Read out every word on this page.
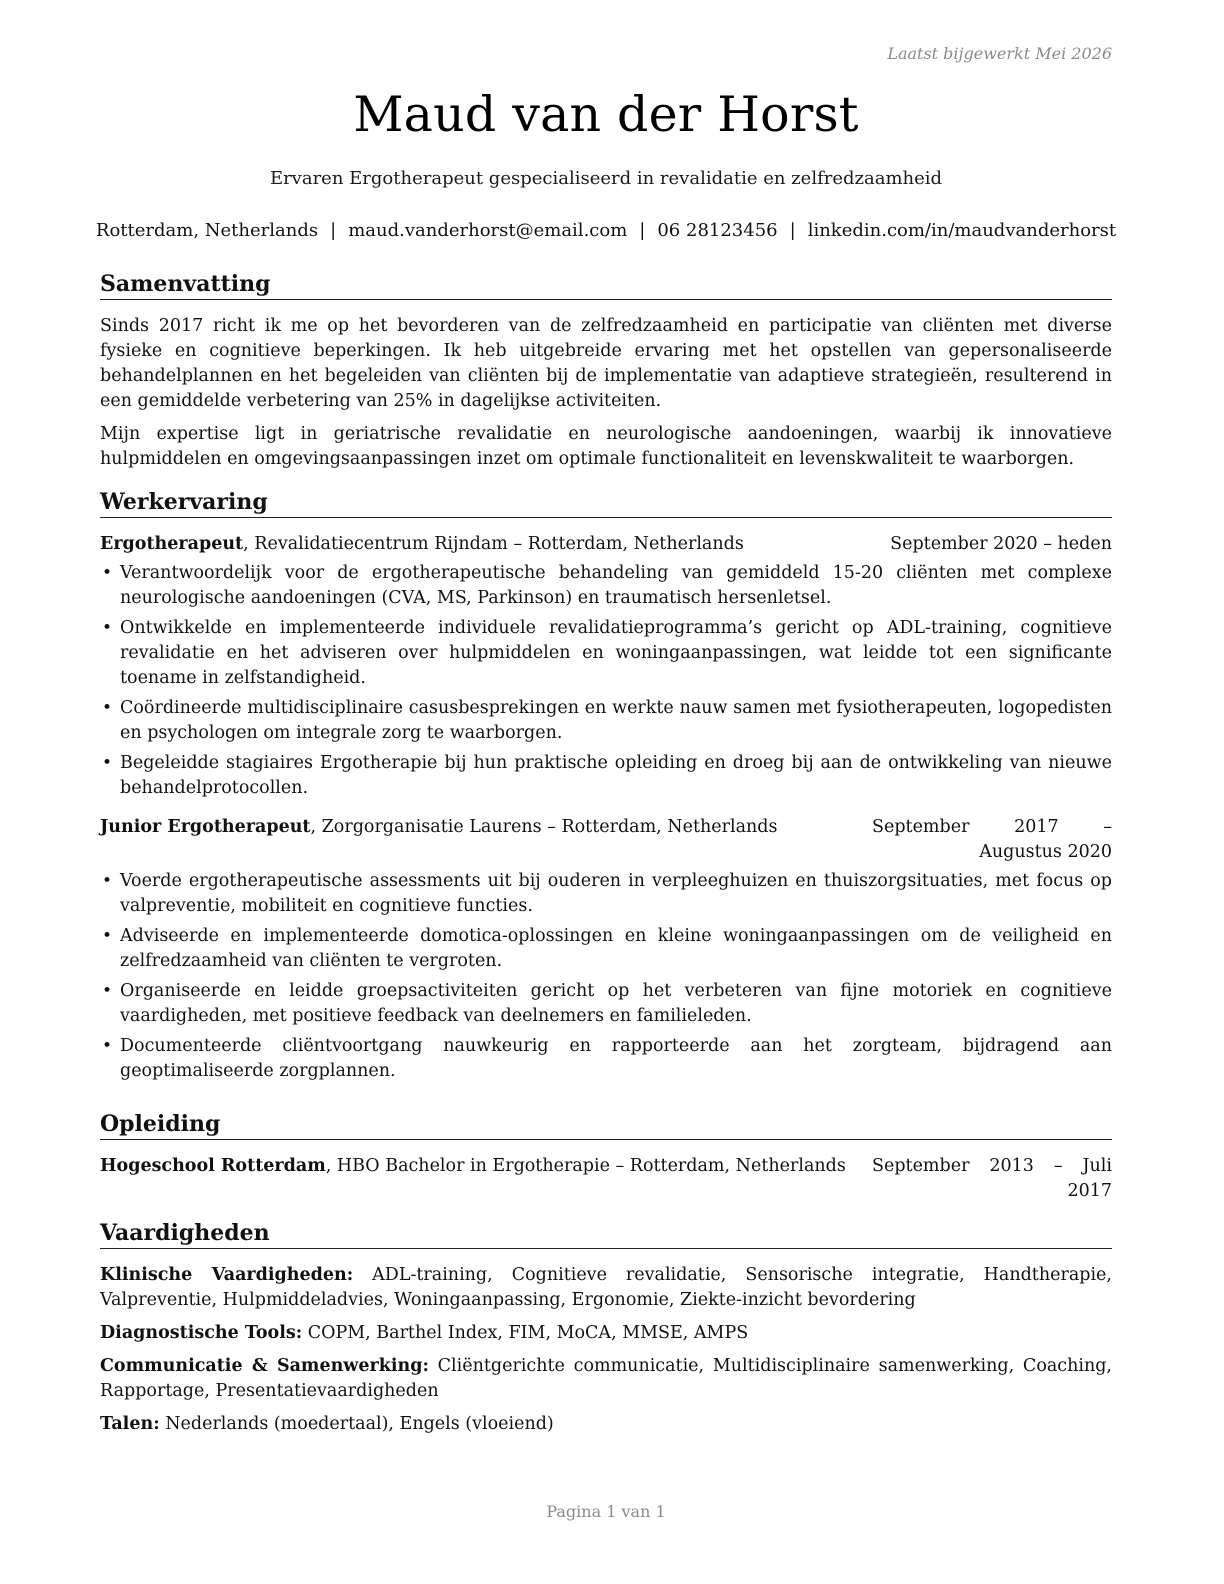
Laatst bijgewerkt Mei 2026
Maud van der Horst
Ervaren Ergotherapeut gespecialiseerd in revalidatie en zelfredzaamheid
Rotterdam, Netherlands | maud.vanderhorst@email.com | 06 28123456 | linkedin.com/in/maudvanderhorst
Samenvatting

Sinds 2017 richt ik me op het bevorderen van de zelfredzaamheid en participatie van cliënten met diverse fysieke en cognitieve beperkingen. Ik heb uitgebreide ervaring met het opstellen van gepersonaliseerde behandelplannen en het begeleiden van cliënten bij de implementatie van adaptieve strategieën, resulterend in een gemiddelde verbetering van 25% in dagelijkse activiteiten.

Mijn expertise ligt in geriatrische revalidatie en neurologische aandoeningen, waarbij ik innovatieve hulpmiddelen en omgevingsaanpassingen inzet om optimale functionaliteit en levenskwaliteit te waarborgen.

Werkervaring
Ergotherapeut, Revalidatiecentrum Rijndam – Rotterdam, Netherlands	September 2020 – heden
• Verantwoordelijk voor de ergotherapeutische behandeling van gemiddeld 15-20 cliënten met complexe neurologische aandoeningen (CVA, MS, Parkinson) en traumatisch hersenletsel.
• Ontwikkelde en implementeerde individuele revalidatieprogramma’s gericht op ADL-training, cognitieve revalidatie en het adviseren over hulpmiddelen en woningaanpassingen, wat leidde tot een significante toename in zelfstandigheid.
• Coördineerde multidisciplinaire casusbesprekingen en werkte nauw samen met fysiotherapeuten, logopedisten en psychologen om integrale zorg te waarborgen.
• Begeleidde stagiaires Ergotherapie bij hun praktische opleiding en droeg bij aan de ontwikkeling van nieuwe behandelprotocollen.
Junior Ergotherapeut, Zorgorganisatie Laurens – Rotterdam, Netherlands	September 2017 – Augustus 2020
• Voerde ergotherapeutische assessments uit bij ouderen in verpleeghuizen en thuiszorgsituaties, met focus op valpreventie, mobiliteit en cognitieve functies.
• Adviseerde en implementeerde domotica-oplossingen en kleine woningaanpassingen om de veiligheid en zelfredzaamheid van cliënten te vergroten.
• Organiseerde en leidde groepsactiviteiten gericht op het verbeteren van fijne motoriek en cognitieve vaardigheden, met positieve feedback van deelnemers en familieleden.
• Documenteerde cliëntvoortgang nauwkeurig en rapporteerde aan het zorgteam, bijdragend aan geoptimaliseerde zorgplannen.
Opleiding
Hogeschool Rotterdam, HBO Bachelor in Ergotherapie – Rotterdam, Netherlands September 2013 – Juli 2017
Vaardigheden

Klinische Vaardigheden: ADL-training, Cognitieve revalidatie, Sensorische integratie, Handtherapie, Valpreventie, Hulpmiddeladvies, Woningaanpassing, Ergonomie, Ziekte-inzicht bevordering

Diagnostische Tools: COPM, Barthel Index, FIM, MoCA, MMSE, AMPS

Communicatie & Samenwerking: Cliëntgerichte communicatie, Multidisciplinaire samenwerking, Coaching, Rapportage, Presentatievaardigheden

Talen: Nederlands (moedertaal), Engels (vloeiend)

Pagina 1 van 1
